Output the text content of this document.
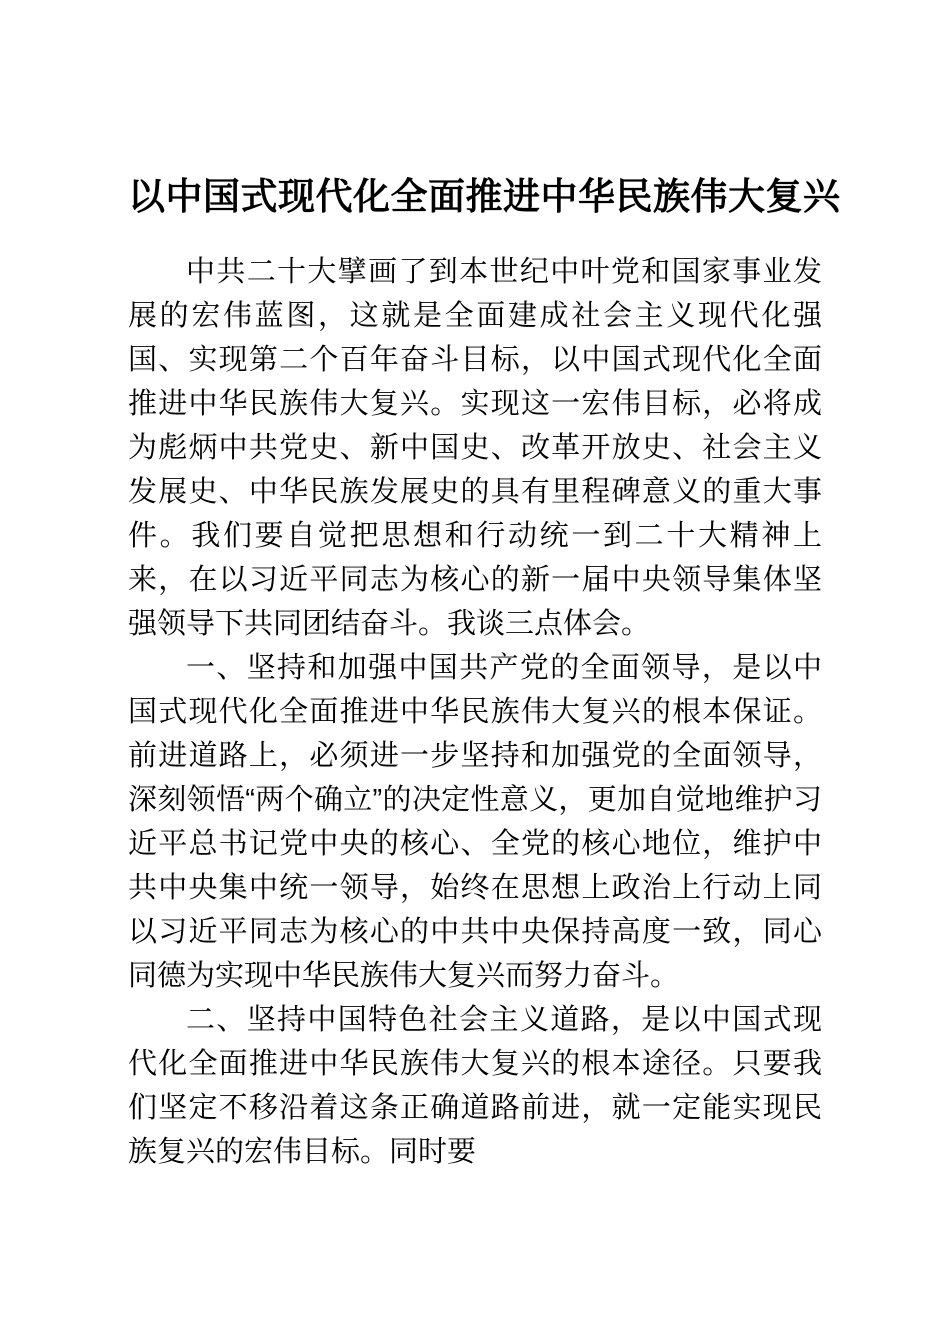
以中国式现代化全面推进中华民族伟大复兴

中共二十大擘画了到本世纪中叶党和国家事业发展的宏伟蓝图，这就是全面建成社会主义现代化强国、实现第二个百年奋斗目标，以中国式现代化全面推进中华民族伟大复兴。实现这一宏伟目标，必将成为彪炳中共党史、新中国史、改革开放史、社会主义发展史、中华民族发展史的具有里程碑意义的重大事件。我们要自觉把思想和行动统一到二十大精神上来，在以习近平同志为核心的新一届中央领导集体坚强领导下共同团结奋斗。我谈三点体会。

一、坚持和加强中国共产党的全面领导，是以中国式现代化全面推进中华民族伟大复兴的根本保证。前进道路上，必须进一步坚持和加强党的全面领导，深刻领悟“两个确立”的决定性意义，更加自觉地维护习近平总书记党中央的核心、全党的核心地位，维护中共中央集中统一领导，始终在思想上政治上行动上同以习近平同志为核心的中共中央保持高度一致，同心同德为实现中华民族伟大复兴而努力奋斗。

二、坚持中国特色社会主义道路，是以中国式现代化全面推进中华民族伟大复兴的根本途径。只要我们坚定不移沿着这条正确道路前进，就一定能实现民族复兴的宏伟目标。同时要
